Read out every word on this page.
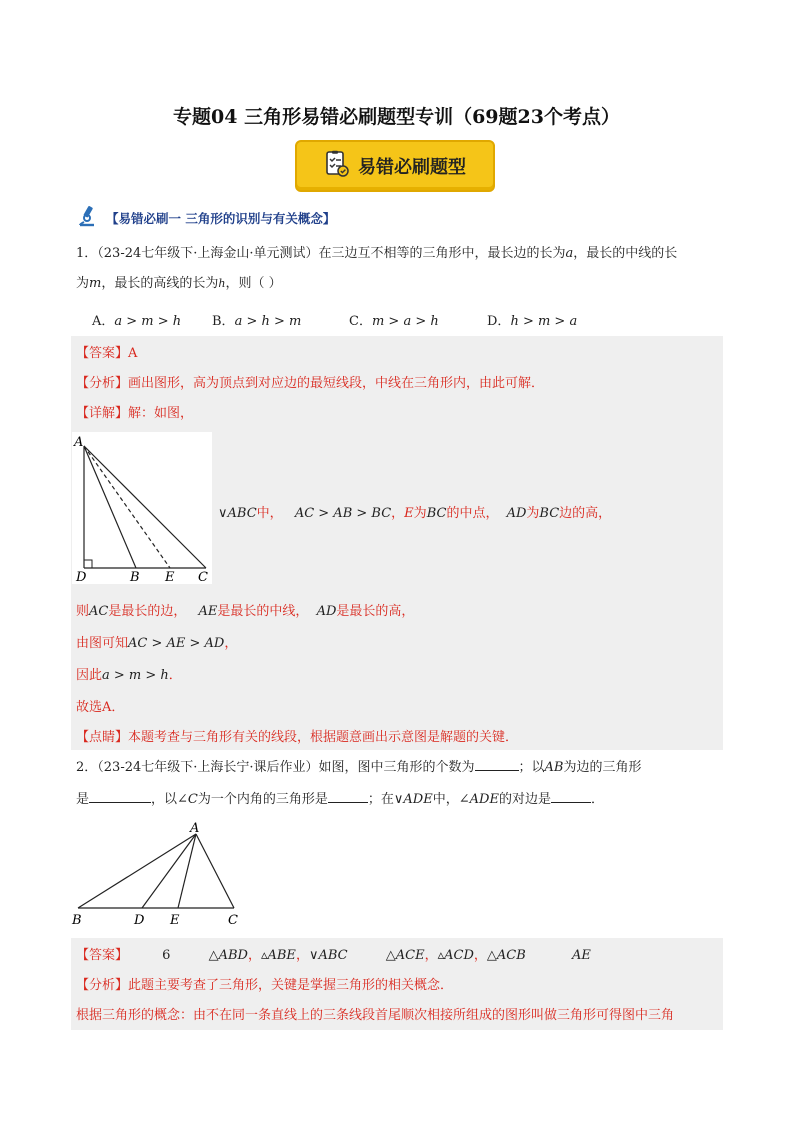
专题04 三角形易错必刷题型专训（69题23个考点）
易错必刷题型
【易错必刷一 三角形的识别与有关概念】
1．（23-24七年级下·上海金山·单元测试）在三边互不相等的三角形中，最长边的长为a，最长的中线的长
为m，最长的高线的长为h，则（ ）
A．a > m > h B．a > h > m	C．m > a > h	D．h > m > a
【答案】A
【分析】画出图形，高为顶点到对应边的最短线段，中线在三角形内，由此可解．
【详解】解：如图，
A
D	B E C
∨ABC中， AC > AB > BC，E为BC的中点， AD为BC边的高，
则AC是最长的边， AE是最长的中线， AD是最长的高，
由图可知AC > AE > AD，
因此a > m > h．
故选A．
【点睛】本题考查与三角形有关的线段，根据题意画出示意图是解题的关键．
2．（23-24七年级下·上海长宁·课后作业）如图，图中三角形的个数为	；以AB为边的三角形
是	，以∠C为一个内角的三角形是	；在∨ADE中，∠ADE的对边是	．
A
B	D E	C
【答案】	6	△ABD，▵ABE，∨ABC	△ACE，▵ACD，△ACB	AE
【分析】此题主要考查了三角形，关键是掌握三角形的相关概念．
根据三角形的概念：由不在同一条直线上的三条线段首尾顺次相接所组成的图形叫做三角形可得图中三角
